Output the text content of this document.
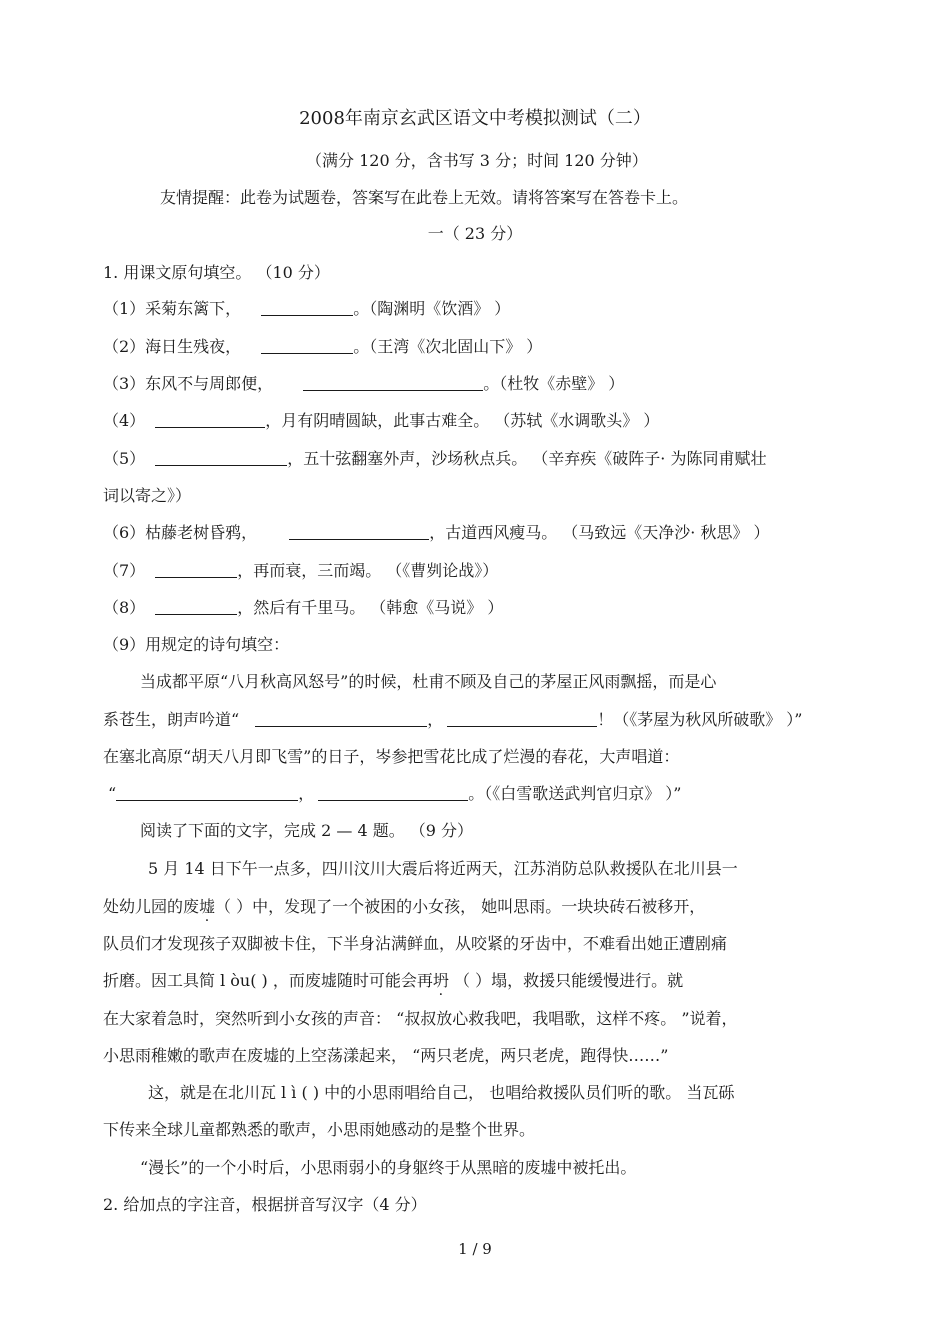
2008年南京玄武区语文中考模拟测试（二）
（满分 120 分，含书写 3 分；时间 120 分钟）
友情提醒：此卷为试题卷，答案写在此卷上无效。请将答案写在答卷卡上。
一（ 23 分）
1. 用课文原句填空。 （10 分）
（1）采菊东篱下，	。（陶渊明《饮酒》 ）
（2）海日生残夜，	。（王湾《次北固山下》 ）
（3）东风不与周郎便，	。（杜牧《赤壁》 ）
（4）	，月有阴晴圆缺，此事古难全。 （苏轼《水调歌头》 ）
（5）	，五十弦翻塞外声，沙场秋点兵。 （辛弃疾《破阵子· 为陈同甫赋壮
词以寄之》）
（6）枯藤老树昏鸦，	，古道西风瘦马。 （马致远《天净沙· 秋思》 ）
（7）	，再而衰，三而竭。 （《曹刿论战》）
（8）	，然后有千里马。 （韩愈《马说》 ）
（9）用规定的诗句填空：
当成都平原“八月秋高风怒号”的时候，杜甫不顾及自己的茅屋正风雨飘摇，而是心
系苍生，朗声吟道“	，	！（《茅屋为秋风所破歌》 ）”
在塞北高原“胡天八月即飞雪”的日子，岑参把雪花比成了烂漫的春花，大声唱道：
“	，	。（《白雪歌送武判官归京》 ）”
阅读了下面的文字，完成 2 — 4 题。 （9 分）
5 月 14 日下午一点多，四川汶川大震后将近两天，江苏消防总队救援队在北川县一
处幼儿园的废墟（ ）中，发现了一个被困的小女孩， 她叫思雨。一块块砖石被移开，
队员们才发现孩子双脚被卡住，下半身沾满鲜血，从咬紧的牙齿中，不难看出她正遭剧痛
折磨。因工具简 l òu( ) ，而废墟随时可能会再坍 （ ）塌，救援只能缓慢进行。就
在大家着急时，突然听到小女孩的声音： “叔叔放心救我吧，我唱歌，这样不疼。 ”说着，
小思雨稚嫩的歌声在废墟的上空荡漾起来， “两只老虎，两只老虎，跑得快……”
这，就是在北川瓦 l ì ( ) 中的小思雨唱给自己， 也唱给救援队员们听的歌。 当瓦砾
下传来全球儿童都熟悉的歌声，小思雨她感动的是整个世界。
“漫长”的一个小时后，小思雨弱小的身躯终于从黑暗的废墟中被托出。
2. 给加点的字注音，根据拼音写汉字（4 分）
1 / 9
